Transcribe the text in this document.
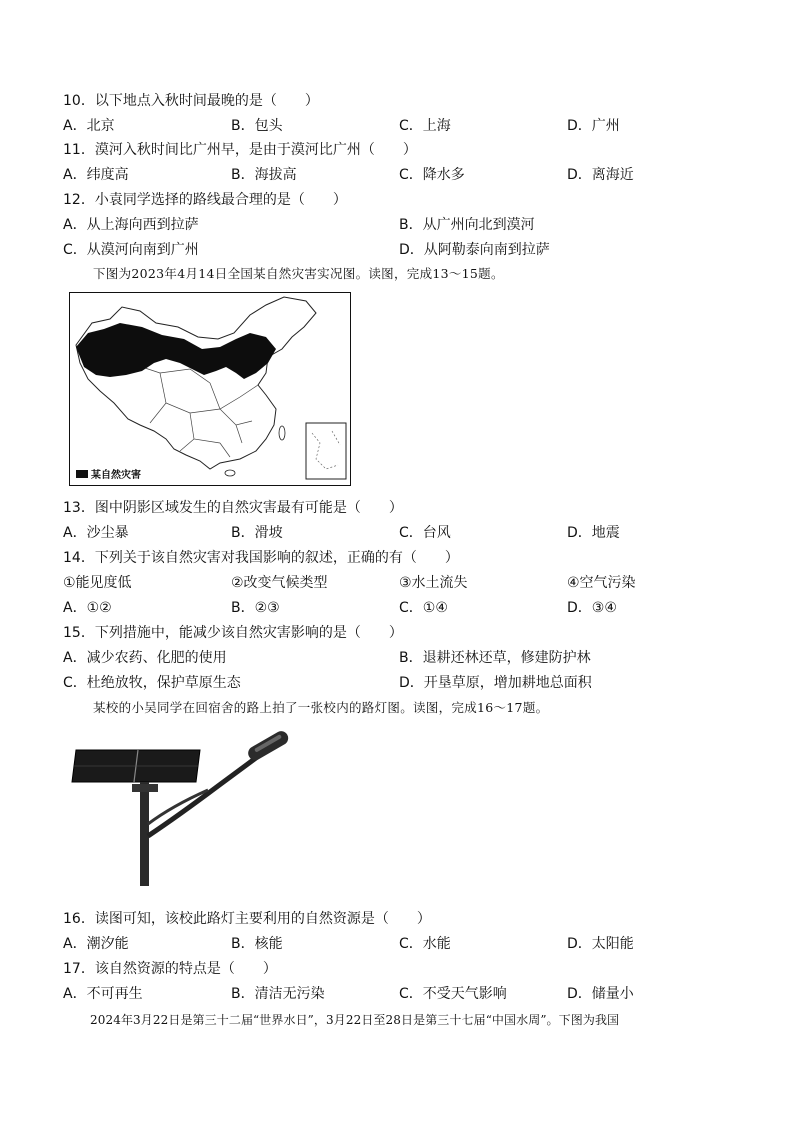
10．以下地点入秋时间最晚的是（　　）
A．北京	B．包头	C．上海	D．广州
11．漠河入秋时间比广州早，是由于漠河比广州（　　）
A．纬度高	B．海拔高	C．降水多	D．离海近
12．小袁同学选择的路线最合理的是（　　）
A．从上海向西到拉萨	B．从广州向北到漠河
C．从漠河向南到广州	D．从阿勒泰向南到拉萨
下图为2023年4月14日全国某自然灾害实况图。读图，完成13～15题。
某自然灾害
13．图中阴影区域发生的自然灾害最有可能是（　　）
A．沙尘暴	B．滑坡	C．台风	D．地震
14．下列关于该自然灾害对我国影响的叙述，正确的有（　　）
①能见度低	②改变气候类型	③水土流失	④空气污染
A．①②	B．②③	C．①④	D．③④
15．下列措施中，能减少该自然灾害影响的是（　　）
A．减少农药、化肥的使用	B．退耕还林还草，修建防护林
C．杜绝放牧，保护草原生态	D．开垦草原，增加耕地总面积
某校的小吴同学在回宿舍的路上拍了一张校内的路灯图。读图，完成16～17题。
16．读图可知，该校此路灯主要利用的自然资源是（　　）
A．潮汐能	B．核能	C．水能	D．太阳能
17．该自然资源的特点是（　　）
A．不可再生	B．清洁无污染	C．不受天气影响	D．储量小
2024年3月22日是第三十二届“世界水日”，3月22日至28日是第三十七届“中国水周”。下图为我国
